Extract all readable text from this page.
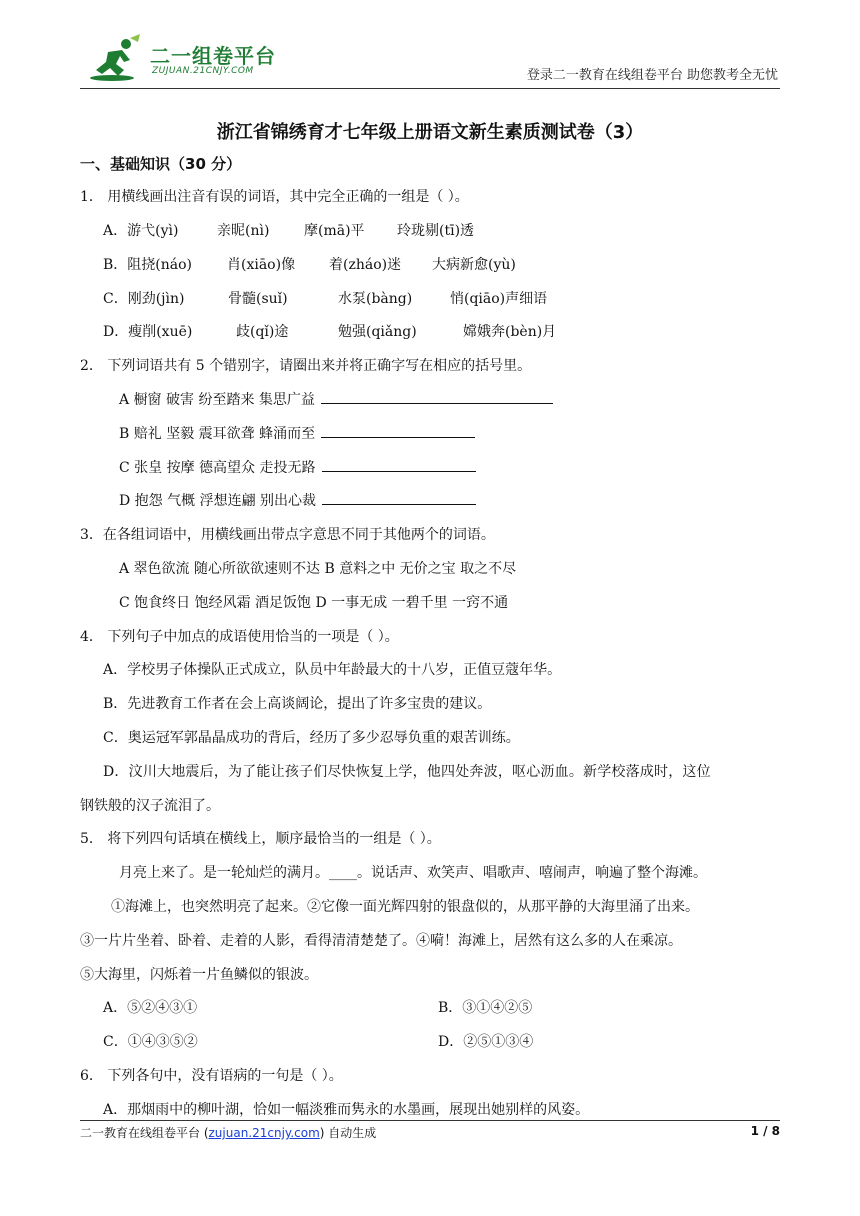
二一组卷平台
ZUJUAN.21CNJY.COM	登录二一教育在线组卷平台 助您教考全无忧
浙江省锦绣育才七年级上册语文新生素质测试卷（3）
一、基础知识（30 分）
1． 用横线画出注音有误的词语，其中完全正确的一组是（ ）。
A．游弋(yì)	亲昵(nì) 摩(mā)平 玲珑剔(tī)透
B．阻挠(náo) 肖(xiāo)像 着(zháo)迷 大病新愈(yù)
C．刚劲(jìn)	骨髓(suǐ)	水泵(bàng)	悄(qiāo)声细语
D．瘦削(xuē)	歧(qǐ)途	勉强(qiǎng)	嫦娥奔(bèn)月
2． 下列词语共有 5 个错别字，请圈出来并将正确字写在相应的括号里。
A 橱窗 破害 纷至踏来 集思广益
B 赔礼 坚毅 震耳欲聋 蜂涌而至
C 张皇 按摩 德高望众 走投无路
D 抱怨 气概 浮想连翩 别出心裁
3．在各组词语中，用横线画出带点字意思不同于其他两个的词语。
A 翠色欲流 随心所欲欲速则不达 B 意料之中 无价之宝 取之不尽
C 饱食终日 饱经风霜 酒足饭饱 D 一事无成 一碧千里 一窍不通
4． 下列句子中加点的成语使用恰当的一项是（ ）。
A．学校男子体操队正式成立，队员中年龄最大的十八岁，正值豆蔻年华。
B．先进教育工作者在会上高谈阔论，提出了许多宝贵的建议。
C．奥运冠军郭晶晶成功的背后，经历了多少忍辱负重的艰苦训练。
D．汶川大地震后，为了能让孩子们尽快恢复上学，他四处奔波，呕心沥血。新学校落成时，这位
钢铁般的汉子流泪了。
5． 将下列四句话填在横线上，顺序最恰当的一组是（ ）。
月亮上来了。是一轮灿烂的满月。____。说话声、欢笑声、唱歌声、嘻闹声，响遍了整个海滩。
①海滩上，也突然明亮了起来。②它像一面光辉四射的银盘似的，从那平静的大海里涌了出来。
③一片片坐着、卧着、走着的人影，看得清清楚楚了。④嗬！海滩上，居然有这么多的人在乘凉。
⑤大海里，闪烁着一片鱼鳞似的银波。
A．⑤②④③①	B．③①④②⑤
C．①④③⑤②	D．②⑤①③④
6． 下列各句中，没有语病的一句是（ ）。
A．那烟雨中的柳叶湖，恰如一幅淡雅而隽永的水墨画，展现出她别样的风姿。
二一教育在线组卷平台 (zujuan.21cnjy.com) 自动生成	1 / 8
